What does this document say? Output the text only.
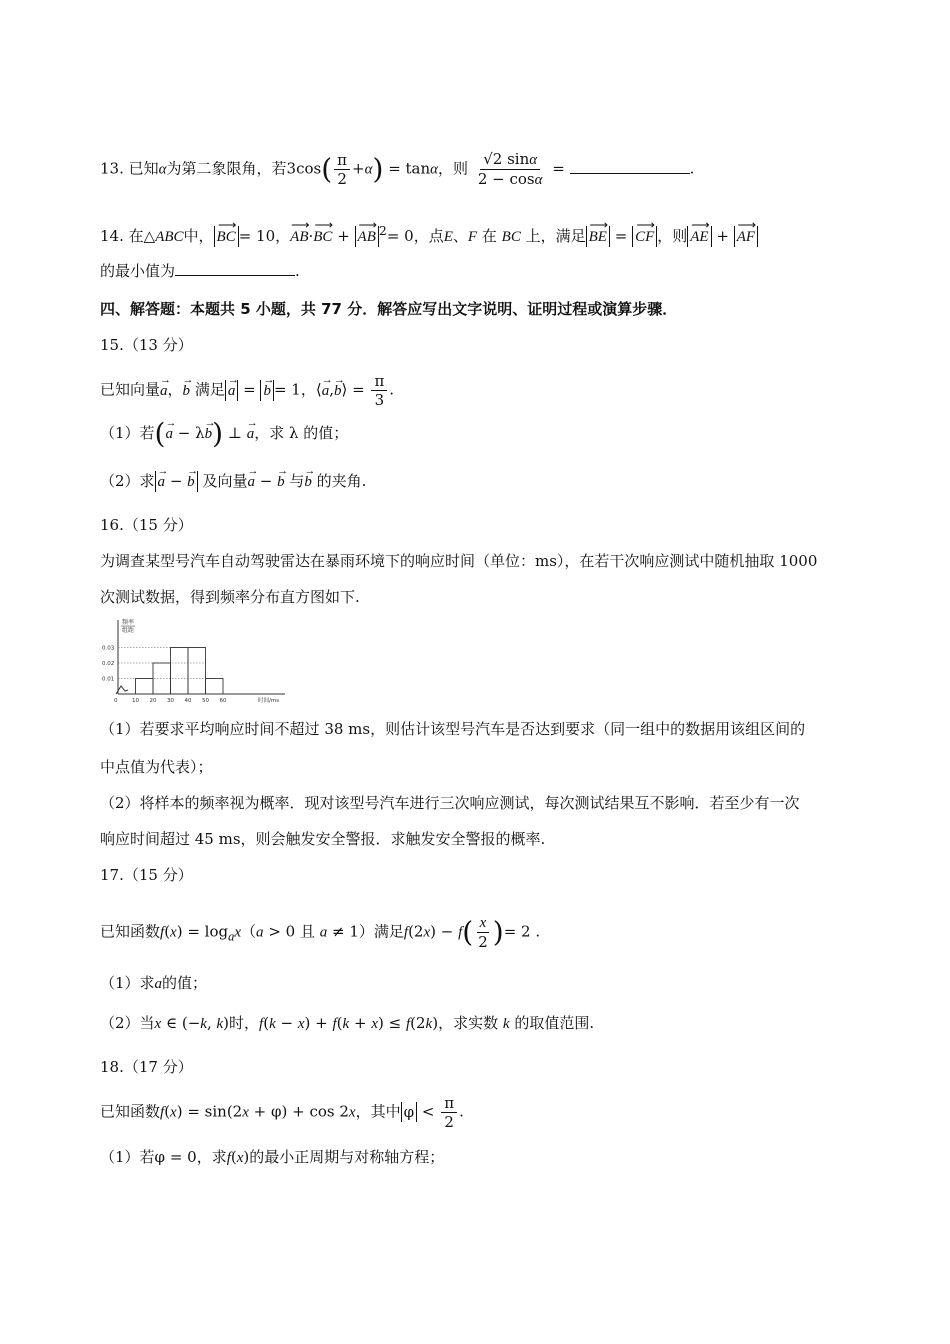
13. 已知α为第二象限角，若$3\cos( \frac{\pi}{2} +\alpha) = \tan\alpha$，则 $\frac{√2 \sin\alpha}{2 - \cos\alpha}$ =	.
14. 在△ABC中， ⟶ BC = 10，⟶ AB·⟶ BC + ⟶ AB $^2$= 0，点E、F 在 BC 上，满足 ⟶ BE = ⟶ CF ，则 ⟶ AE + ⟶ AF
的最小值为	.
四、解答题：本题共 5 小题，共 77 分．解答应写出文字说明、证明过程或演算步骤．
15.（13 分）
已知向量→ a，→ b 满足 → a = → b = 1，⟨→ a,→ b⟩ = $\frac{\pi}{3}$ .
（1）若(→ a − λ→ b) ⊥ → a，求 λ 的值；
（2）求 → a − → b 及向量→ a − → b 与→ b 的夹角.
16.（15 分）
为调查某型号汽车自动驾驶雷达在暴雨环境下的响应时间（单位：ms），在若干次响应测试中随机抽取 1000
次测试数据，得到频率分布直方图如下.
频率
组距
0.03
0.02
0.01
10 20 30 40 50 60
0	时间/ms
（1）若要求平均响应时间不超过 38 ms，则估计该型号汽车是否达到要求（同一组中的数据用该组区间的
中点值为代表）；
（2）将样本的频率视为概率．现对该型号汽车进行三次响应测试，每次测试结果互不影响．若至少有一次
响应时间超过 45 ms，则会触发安全警报．求触发安全警报的概率.
17.（15 分）
已知函数$f(x) = \log_ax(a > 0$ 且 a ≠ 1）满足$f(2x) - f( \frac{x}{2}$ )= 2 .
（1）求a的值；
（2）当x ∈ (−k, k)时，f(k − x) + f(k + x) ≤ f(2k)，求实数 k 的取值范围.
18.（17 分）
已知函数f(x) = sin(2x + φ) + cos 2x，其中 $\varphi < \frac{\pi}{2}$ .
（1）若φ = 0，求f(x)的最小正周期与对称轴方程；
